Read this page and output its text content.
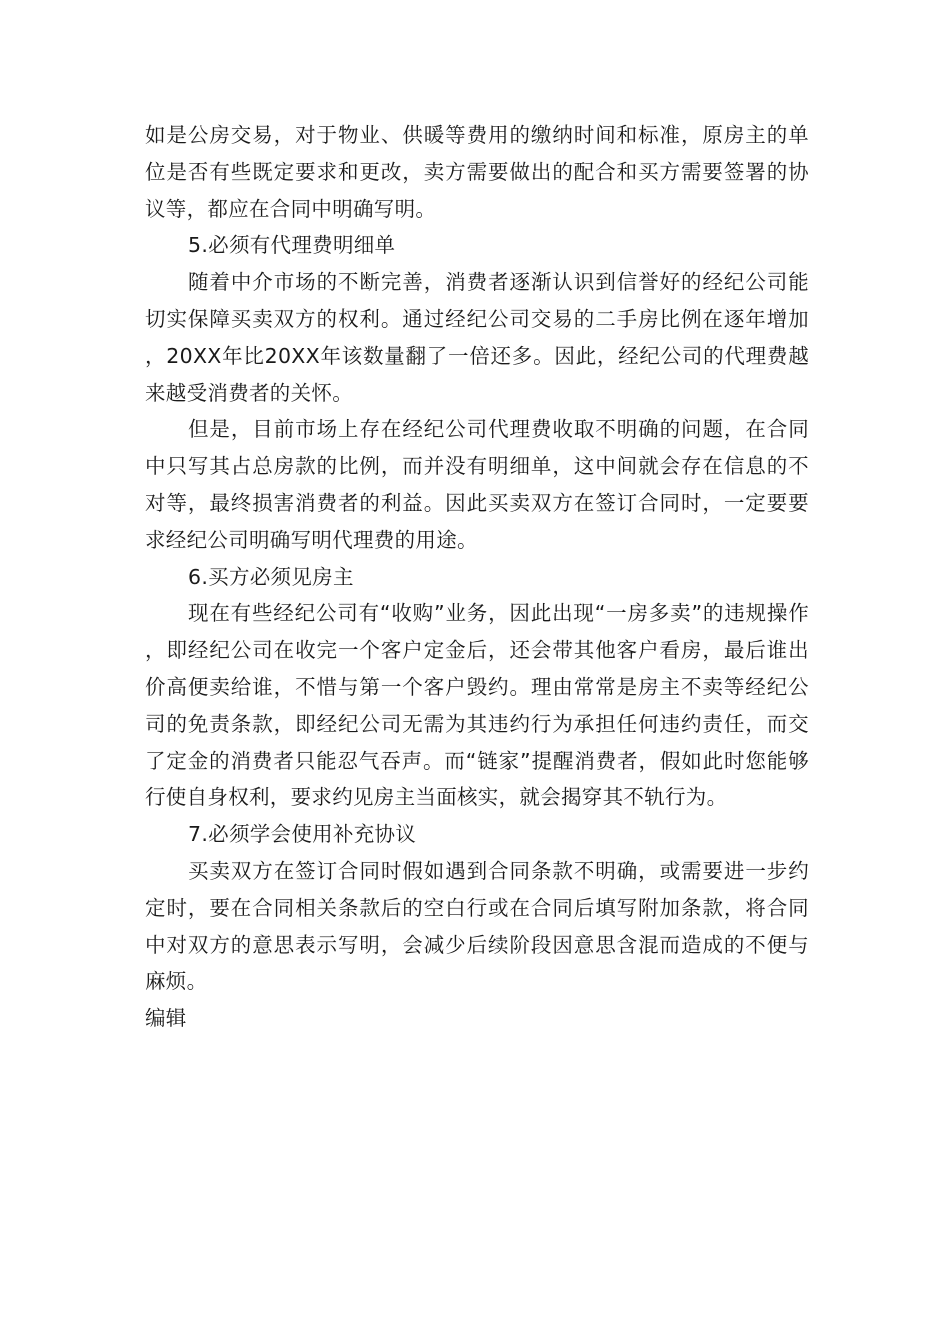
如是公房交易，对于物业、供暖等费用的缴纳时间和标准，原房主的单位是否有些既定要求和更改，卖方需要做出的配合和买方需要签署的协议等，都应在合同中明确写明。

5.必须有代理费明细单

随着中介市场的不断完善，消费者逐渐认识到信誉好的经纪公司能切实保障买卖双方的权利。通过经纪公司交易的二手房比例在逐年增加，20XX年比20XX年该数量翻了一倍还多。因此，经纪公司的代理费越来越受消费者的关怀。

但是，目前市场上存在经纪公司代理费收取不明确的问题，在合同中只写其占总房款的比例，而并没有明细单，这中间就会存在信息的不对等，最终损害消费者的利益。因此买卖双方在签订合同时，一定要要求经纪公司明确写明代理费的用途。

6.买方必须见房主

现在有些经纪公司有“收购”业务，因此出现“一房多卖”的违规操作，即经纪公司在收完一个客户定金后，还会带其他客户看房，最后谁出价高便卖给谁，不惜与第一个客户毁约。理由常常是房主不卖等经纪公司的免责条款，即经纪公司无需为其违约行为承担任何违约责任，而交了定金的消费者只能忍气吞声。而“链家”提醒消费者，假如此时您能够行使自身权利，要求约见房主当面核实，就会揭穿其不轨行为。

7.必须学会使用补充协议

买卖双方在签订合同时假如遇到合同条款不明确，或需要进一步约定时，要在合同相关条款后的空白行或在合同后填写附加条款，将合同中对双方的意思表示写明，会减少后续阶段因意思含混而造成的不便与麻烦。

编辑
